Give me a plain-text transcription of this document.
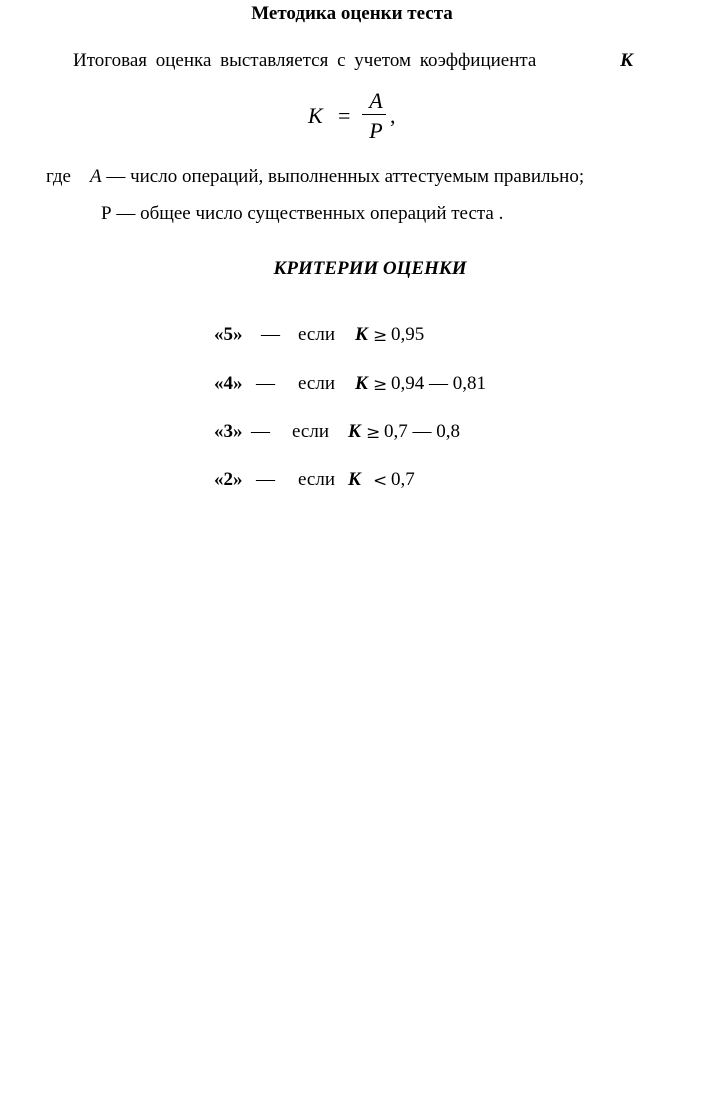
Методика оценки теста
Итоговая оценка выставляется с учетом коэффициента	К
К =
А
Р
,
где А — число операций, выполненных аттестуемым правильно;
Р — общее число существенных операций теста .
КРИТЕРИИ ОЦЕНКИ
«5» — если К ≥ 0,95
«4» — если К ≥ 0,94 — 0,81
«3» — если К ≥ 0,7 — 0,8
«2» — если К < 0,7
